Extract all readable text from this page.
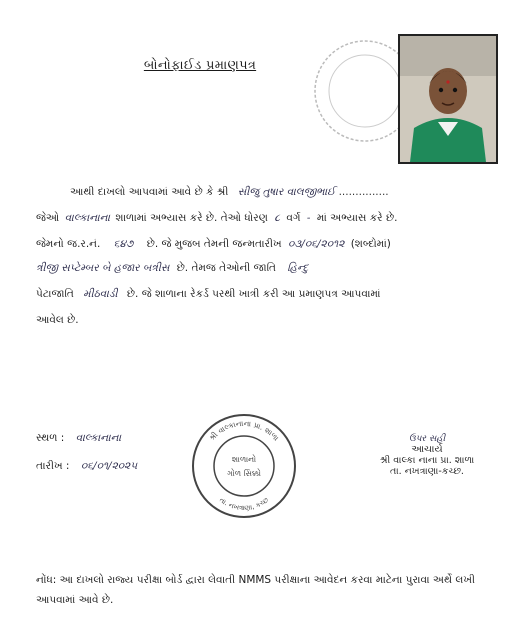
બોનોફાઈડ પ્રમાણપત્ર
આથી દાખલો આપવામાં આવે છે કે શ્રી સીજુ તુષાર વાલજીભાઈ ...............
જેઓ વાલ્કાનાના શાળામાં અભ્યાસ કરે છે. તેઓ ધોરણ ૮ વર્ગ - માં અભ્યાસ કરે છે.
જેમનો જ.ર.નં. ૬૪૭ છે. જે મુજબ તેમની જન્મતારીખ ૦૩/૦૬/૨૦૧૨ (શબ્દોમાં)
ત્રીજી સપ્ટેમ્બર બે હજાર બત્રીસ છે. તેમજ તેઓની જાતિ હિન્દુ
પેટાજાતિ મીઠવાડી છે. જે શાળાના રેકર્ડ પરથી ખાત્રી કરી આ પ્રમાણપત્ર આપવામાં
આવેલ છે.
સ્થળ : વાલ્કાનાના
તારીખ : ૦૬/૦૧/૨૦૨૫
શ્રી વાલ્કાનાના પ્રા. શાળા
તા. નખત્રાણા, કચ્છ
શાળાનો
ગોળ સિક્કો
ઉપર સહી
આચાર્ય
શ્રી વાલ્કા નાના પ્રા. શાળા
તા. નખત્રાણા-કચ્છ.
નોંધ: આ દાખલો રાજ્ય પરીક્ષા બોર્ડ દ્વારા લેવાતી NMMS પરીક્ષાના આવેદન કરવા માટેના પુરાવા અર્થે લખી આપવામાં આવે છે.
